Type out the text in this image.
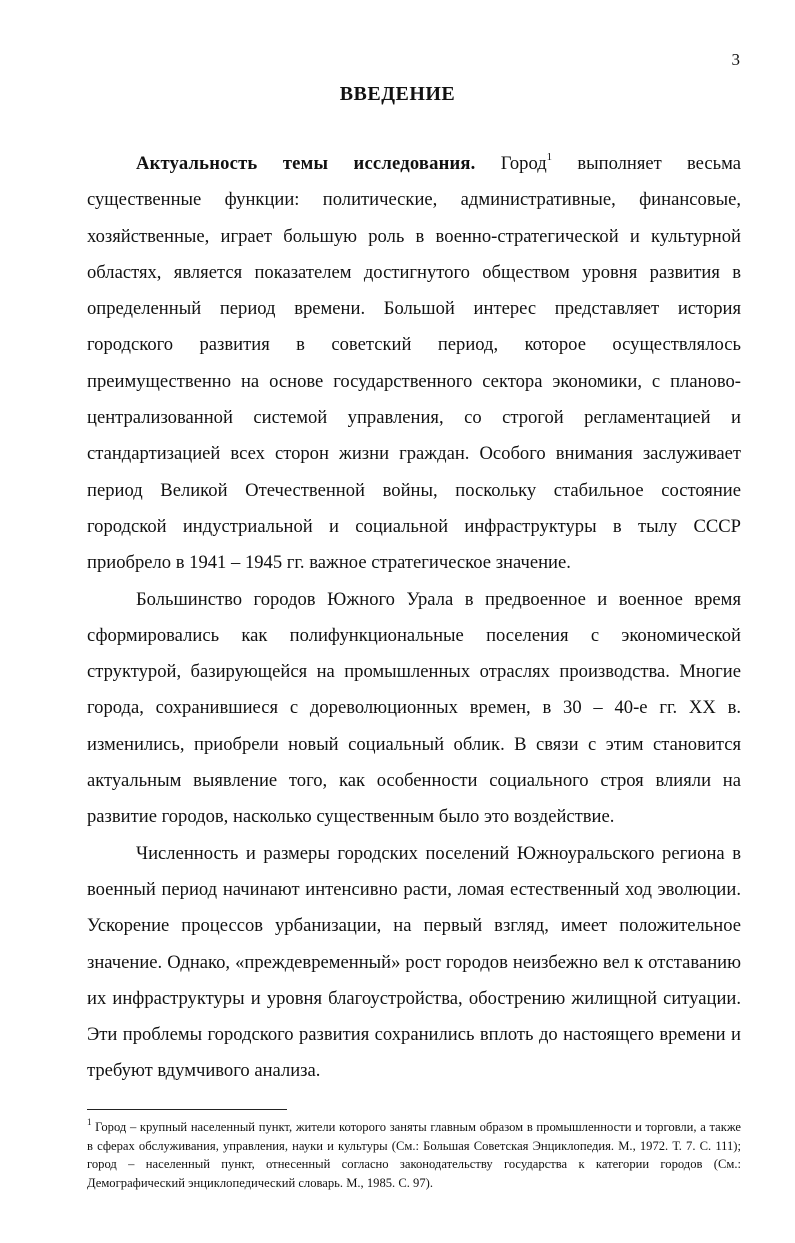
3
ВВЕДЕНИЕ

Актуальность темы исследования. Город$^1$ выполняет весьма существенные функции: политические, административные, финансовые, хозяйственные, играет большую роль в военно-стратегической и культурной областях, является показателем достигнутого обществом уровня развития в определенный период времени. Большой интерес представляет история городского развития в советский период, которое осуществлялось преимущественно на основе государственного сектора экономики, с планово-централизованной системой управления, со строгой регламентацией и стандартизацией всех сторон жизни граждан. Особого внимания заслуживает период Великой Отечественной войны, поскольку стабильное состояние городской индустриальной и социальной инфраструктуры в тылу СССР приобрело в 1941 – 1945 гг. важное стратегическое значение.

Большинство городов Южного Урала в предвоенное и военное время сформировались как полифункциональные поселения с экономической структурой, базирующейся на промышленных отраслях производства. Многие города, сохранившиеся с дореволюционных времен, в 30 – 40-е гг. XX в. изменились, приобрели новый социальный облик. В связи с этим становится актуальным выявление того, как особенности социального строя влияли на развитие городов, насколько существенным было это воздействие.

Численность и размеры городских поселений Южноуральского региона в военный период начинают интенсивно расти, ломая естественный ход эволюции. Ускорение процессов урбанизации, на первый взгляд, имеет положительное значение. Однако, «преждевременный» рост городов неизбежно вел к отставанию их инфраструктуры и уровня благоустройства, обострению жилищной ситуации. Эти проблемы городского развития сохранились вплоть до настоящего времени и требуют вдумчивого анализа.

$^1$ Город – крупный населенный пункт, жители которого заняты главным образом в промышленности и торговли, а также в сферах обслуживания, управления, науки и культуры (См.: Большая Советская Энциклопедия. М., 1972. Т. 7. С. 111); город – населенный пункт, отнесенный согласно законодательству государства к категории городов (См.: Демографический энциклопедический словарь. М., 1985. С. 97).
